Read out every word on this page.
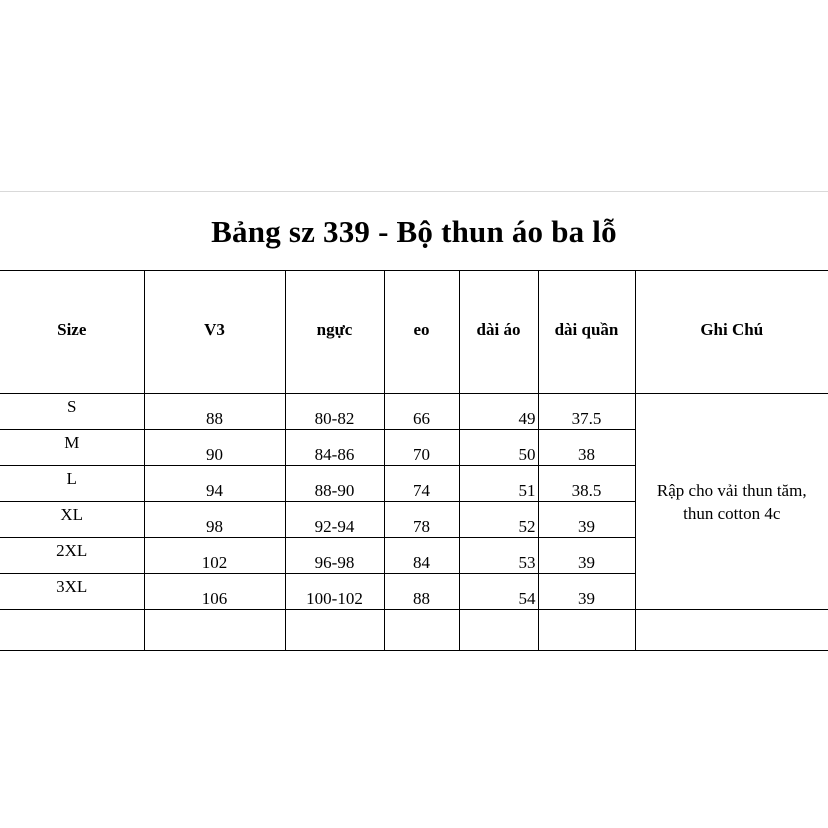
Bảng sz 339 - Bộ thun áo ba lỗ
Size	V3	ngực	eo	dài áo	dài quần	Ghi Chú
S	88	80-82	66	49	37.5	Rập cho vải thun tăm, thun cotton 4c
M	90	84-86	70	50	38	
L	94	88-90	74	51	38.5	
XL	98	92-94	78	52	39	
2XL	102	96-98	84	53	39	
3XL	106	100-102	88	54	39	
